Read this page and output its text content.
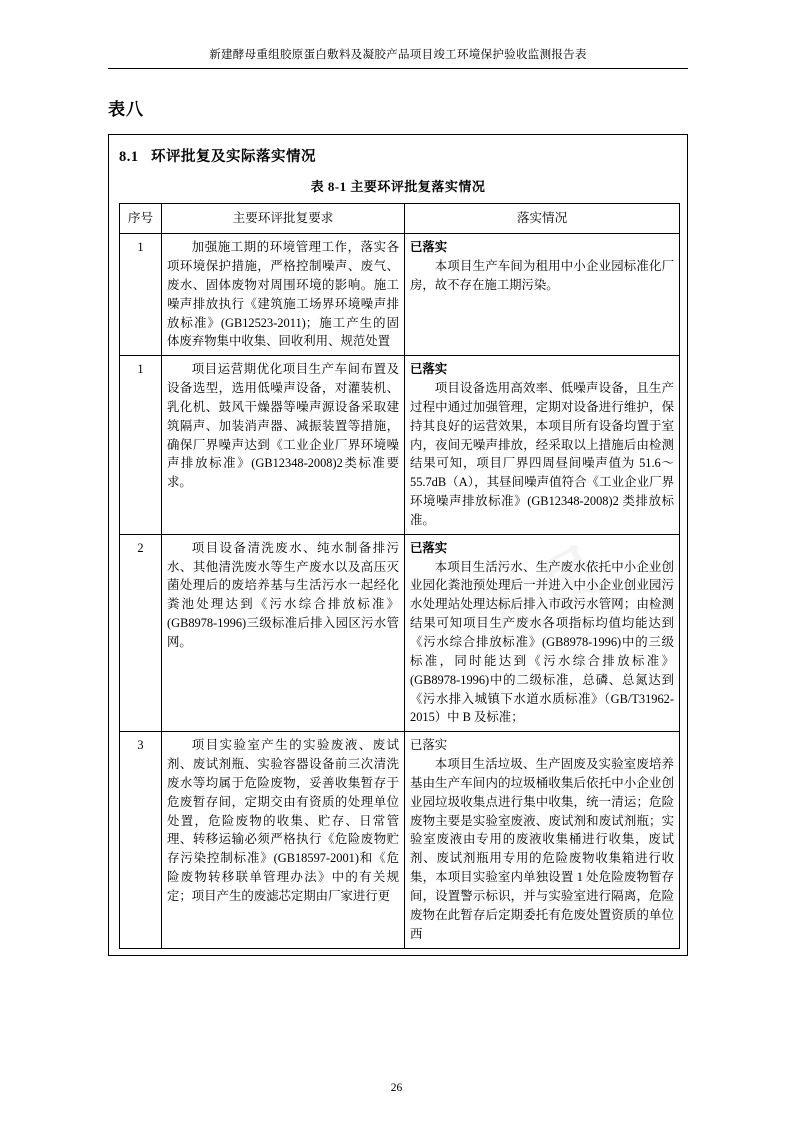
新建酵母重组胶原蛋白敷料及凝胶产品项目竣工环境保护验收监测报告表
表八
8.1 环评批复及实际落实情况
表 8-1 主要环评批复落实情况
序号	主要环评批复要求	落实情况
1	加强施工期的环境管理工作，落实各项环境保护措施，严格控制噪声、废气、废水、固体废物对周围环境的影响。施工噪声排放执行《建筑施工场界环境噪声排放标准》(GB12523-2011)；施工产生的固体废弃物集中收集、回收利用、规范处置	已落实

本项目生产车间为租用中小企业园标准化厂房，故不存在施工期污染。

1	项目运营期优化项目生产车间布置及设备选型，选用低噪声设备，对灌装机、乳化机、鼓风干燥器等噪声源设备采取建筑隔声、加装消声器、减振装置等措施，确保厂界噪声达到《工业企业厂界环境噪声排放标准》(GB12348-2008)2类标准要求。	已落实

项目设备选用高效率、低噪声设备，且生产过程中通过加强管理，定期对设备进行维护，保持其良好的运营效果，本项目所有设备均置于室内，夜间无噪声排放，经采取以上措施后由检测结果可知，项目厂界四周昼间噪声值为 51.6～55.7dB（A），其昼间噪声值符合《工业企业厂界环境噪声排放标准》(GB12348-2008)2 类排放标准。

2	项目设备清洗废水、纯水制备排污水、其他清洗废水等生产废水以及高压灭菌处理后的废培养基与生活污水一起经化粪池处理达到《污水综合排放标准》(GB8978-1996)三级标准后排入园区污水管网。	已落实

本项目生活污水、生产废水依托中小企业创业园化粪池预处理后一并进入中小企业创业园污水处理站处理达标后排入市政污水管网；由检测结果可知项目生产废水各项指标均值均能达到《污水综合排放标准》(GB8978-1996)中的三级标准，同时能达到《污水综合排放标准》(GB8978-1996)中的二级标准，总磷、总氮达到《污水排入城镇下水道水质标准》（GB/T31962-2015）中 B 及标准；

3	项目实验室产生的实验废液、废试剂、废试剂瓶、实验容器设备前三次清洗废水等均属于危险废物，妥善收集暂存于危废暂存间，定期交由有资质的处理单位处置，危险废物的收集、贮存、日常管理、转移运输必须严格执行《危险废物贮存污染控制标准》(GB18597-2001)和《危险废物转移联单管理办法》中的有关规定；项目产生的废滤芯定期由厂家进行更	已落实

本项目生活垃圾、生产固废及实验室废培养基由生产车间内的垃圾桶收集后依托中小企业创业园垃圾收集点进行集中收集，统一清运；危险废物主要是实验室废液、废试剂和废试剂瓶；实验室废液由专用的废液收集桶进行收集，废试剂、废试剂瓶用专用的危险废物收集箱进行收集，本项目实验室内单独设置 1 处危险废物暂存间，设置警示标识，并与实验室进行隔离，危险废物在此暂存后定期委托有危废处置资质的单位西

26
